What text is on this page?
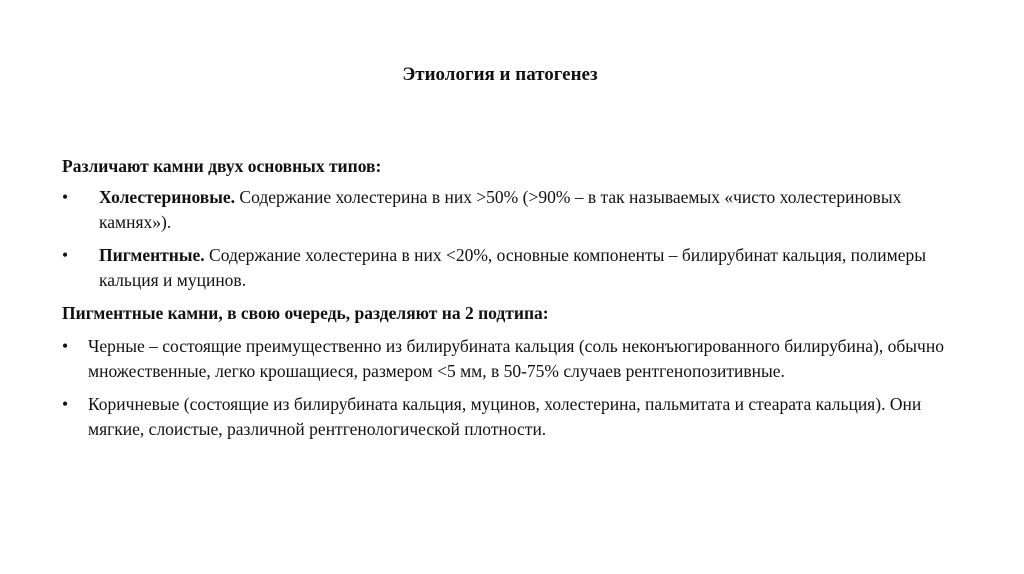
Этиология и патогенез
Различают камни двух основных типов:
• Холестериновые. Содержание холестерина в них >50% (>90% – в так называемых «чисто холестериновых камнях»).
• Пигментные. Содержание холестерина в них <20%, основные компоненты – билирубинат кальция, полимеры кальция и муцинов.
Пигментные камни, в свою очередь, разделяют на 2 подтипа:
• Черные – состоящие преимущественно из билирубината кальция (соль неконъюгированного билирубина), обычно множественные, легко крошащиеся, размером <5 мм, в 50-75% случаев рентгенопозитивные.
• Коричневые (состоящие из билирубината кальция, муцинов, холестерина, пальмитата и стеарата кальция). Они мягкие, слоистые, различной рентгенологической плотности.
